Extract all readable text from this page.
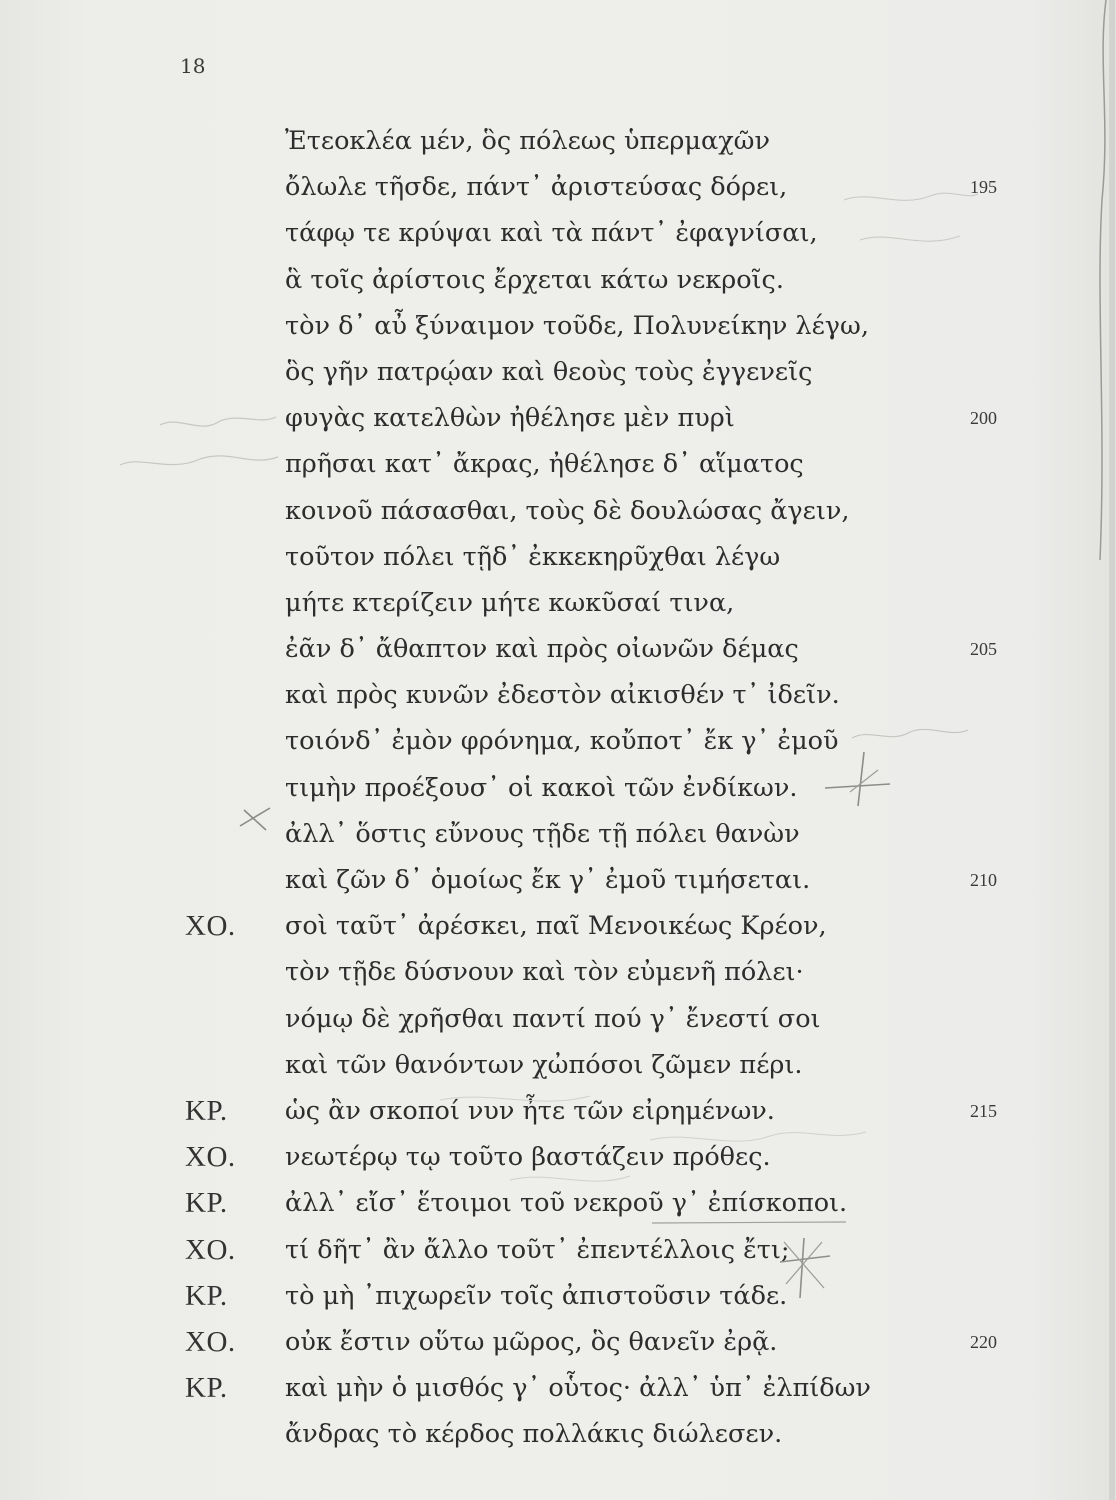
18
Ἐτεοκλέα μέν, ὃς πόλεως ὑπερμαχῶν
ὄλωλε τῆσδε, πάντ᾽ ἀριστεύσας δόρει,	195
τάφῳ τε κρύψαι καὶ τὰ πάντ᾽ ἐφαγνίσαι,
ἃ τοῖς ἀρίστοις ἔρχεται κάτω νεκροῖς.
τὸν δ᾽ αὖ ξύναιμον τοῦδε, Πολυνείκην λέγω,
ὃς γῆν πατρῴαν καὶ θεοὺς τοὺς ἐγγενεῖς
φυγὰς κατελθὼν ἠθέλησε μὲν πυρὶ	200
πρῆσαι κατ᾽ ἄκρας, ἠθέλησε δ᾽ αἵματος
κοινοῦ πάσασθαι, τοὺς δὲ δουλώσας ἄγειν,
τοῦτον πόλει τῇδ᾽ ἐκκεκηρῦχθαι λέγω
μήτε κτερίζειν μήτε κωκῦσαί τινα,
ἐᾶν δ᾽ ἄθαπτον καὶ πρὸς οἰωνῶν δέμας	205
καὶ πρὸς κυνῶν ἐδεστὸν αἰκισθέν τ᾽ ἰδεῖν.
τοιόνδ᾽ ἐμὸν φρόνημα, κοὔποτ᾽ ἔκ γ᾽ ἐμοῦ
τιμὴν προέξουσ᾽ οἱ κακοὶ τῶν ἐνδίκων.
ἀλλ᾽ ὅστις εὔνους τῇδε τῇ πόλει θανὼν
καὶ ζῶν δ᾽ ὁμοίως ἔκ γ᾽ ἐμοῦ τιμήσεται.	210
ΧΟ. σοὶ ταῦτ᾽ ἀρέσκει, παῖ Μενοικέως Κρέον,
τὸν τῇδε δύσνουν καὶ τὸν εὐμενῆ πόλει·
νόμῳ δὲ χρῆσθαι παντί πού γ᾽ ἔνεστί σοι
καὶ τῶν θανόντων χὠπόσοι ζῶμεν πέρι.
ΚΡ. ὡς ἂν σκοποί νυν ἦτε τῶν εἰρημένων.	215
ΧΟ. νεωτέρῳ τῳ τοῦτο βαστάζειν πρόθες.
ΚΡ. ἀλλ᾽ εἴσ᾽ ἕτοιμοι τοῦ νεκροῦ γ᾽ ἐπίσκοποι.
ΧΟ. τί δῆτ᾽ ἂν ἄλλο τοῦτ᾽ ἐπεντέλλοις ἔτι;
ΚΡ. τὸ μὴ ᾽πιχωρεῖν τοῖς ἀπιστοῦσιν τάδε.
ΧΟ. οὐκ ἔστιν οὕτω μῶρος, ὃς θανεῖν ἐρᾷ.	220
ΚΡ. καὶ μὴν ὁ μισθός γ᾽ οὗτος· ἀλλ᾽ ὑπ᾽ ἐλπίδων
ἄνδρας τὸ κέρδος πολλάκις διώλεσεν.
